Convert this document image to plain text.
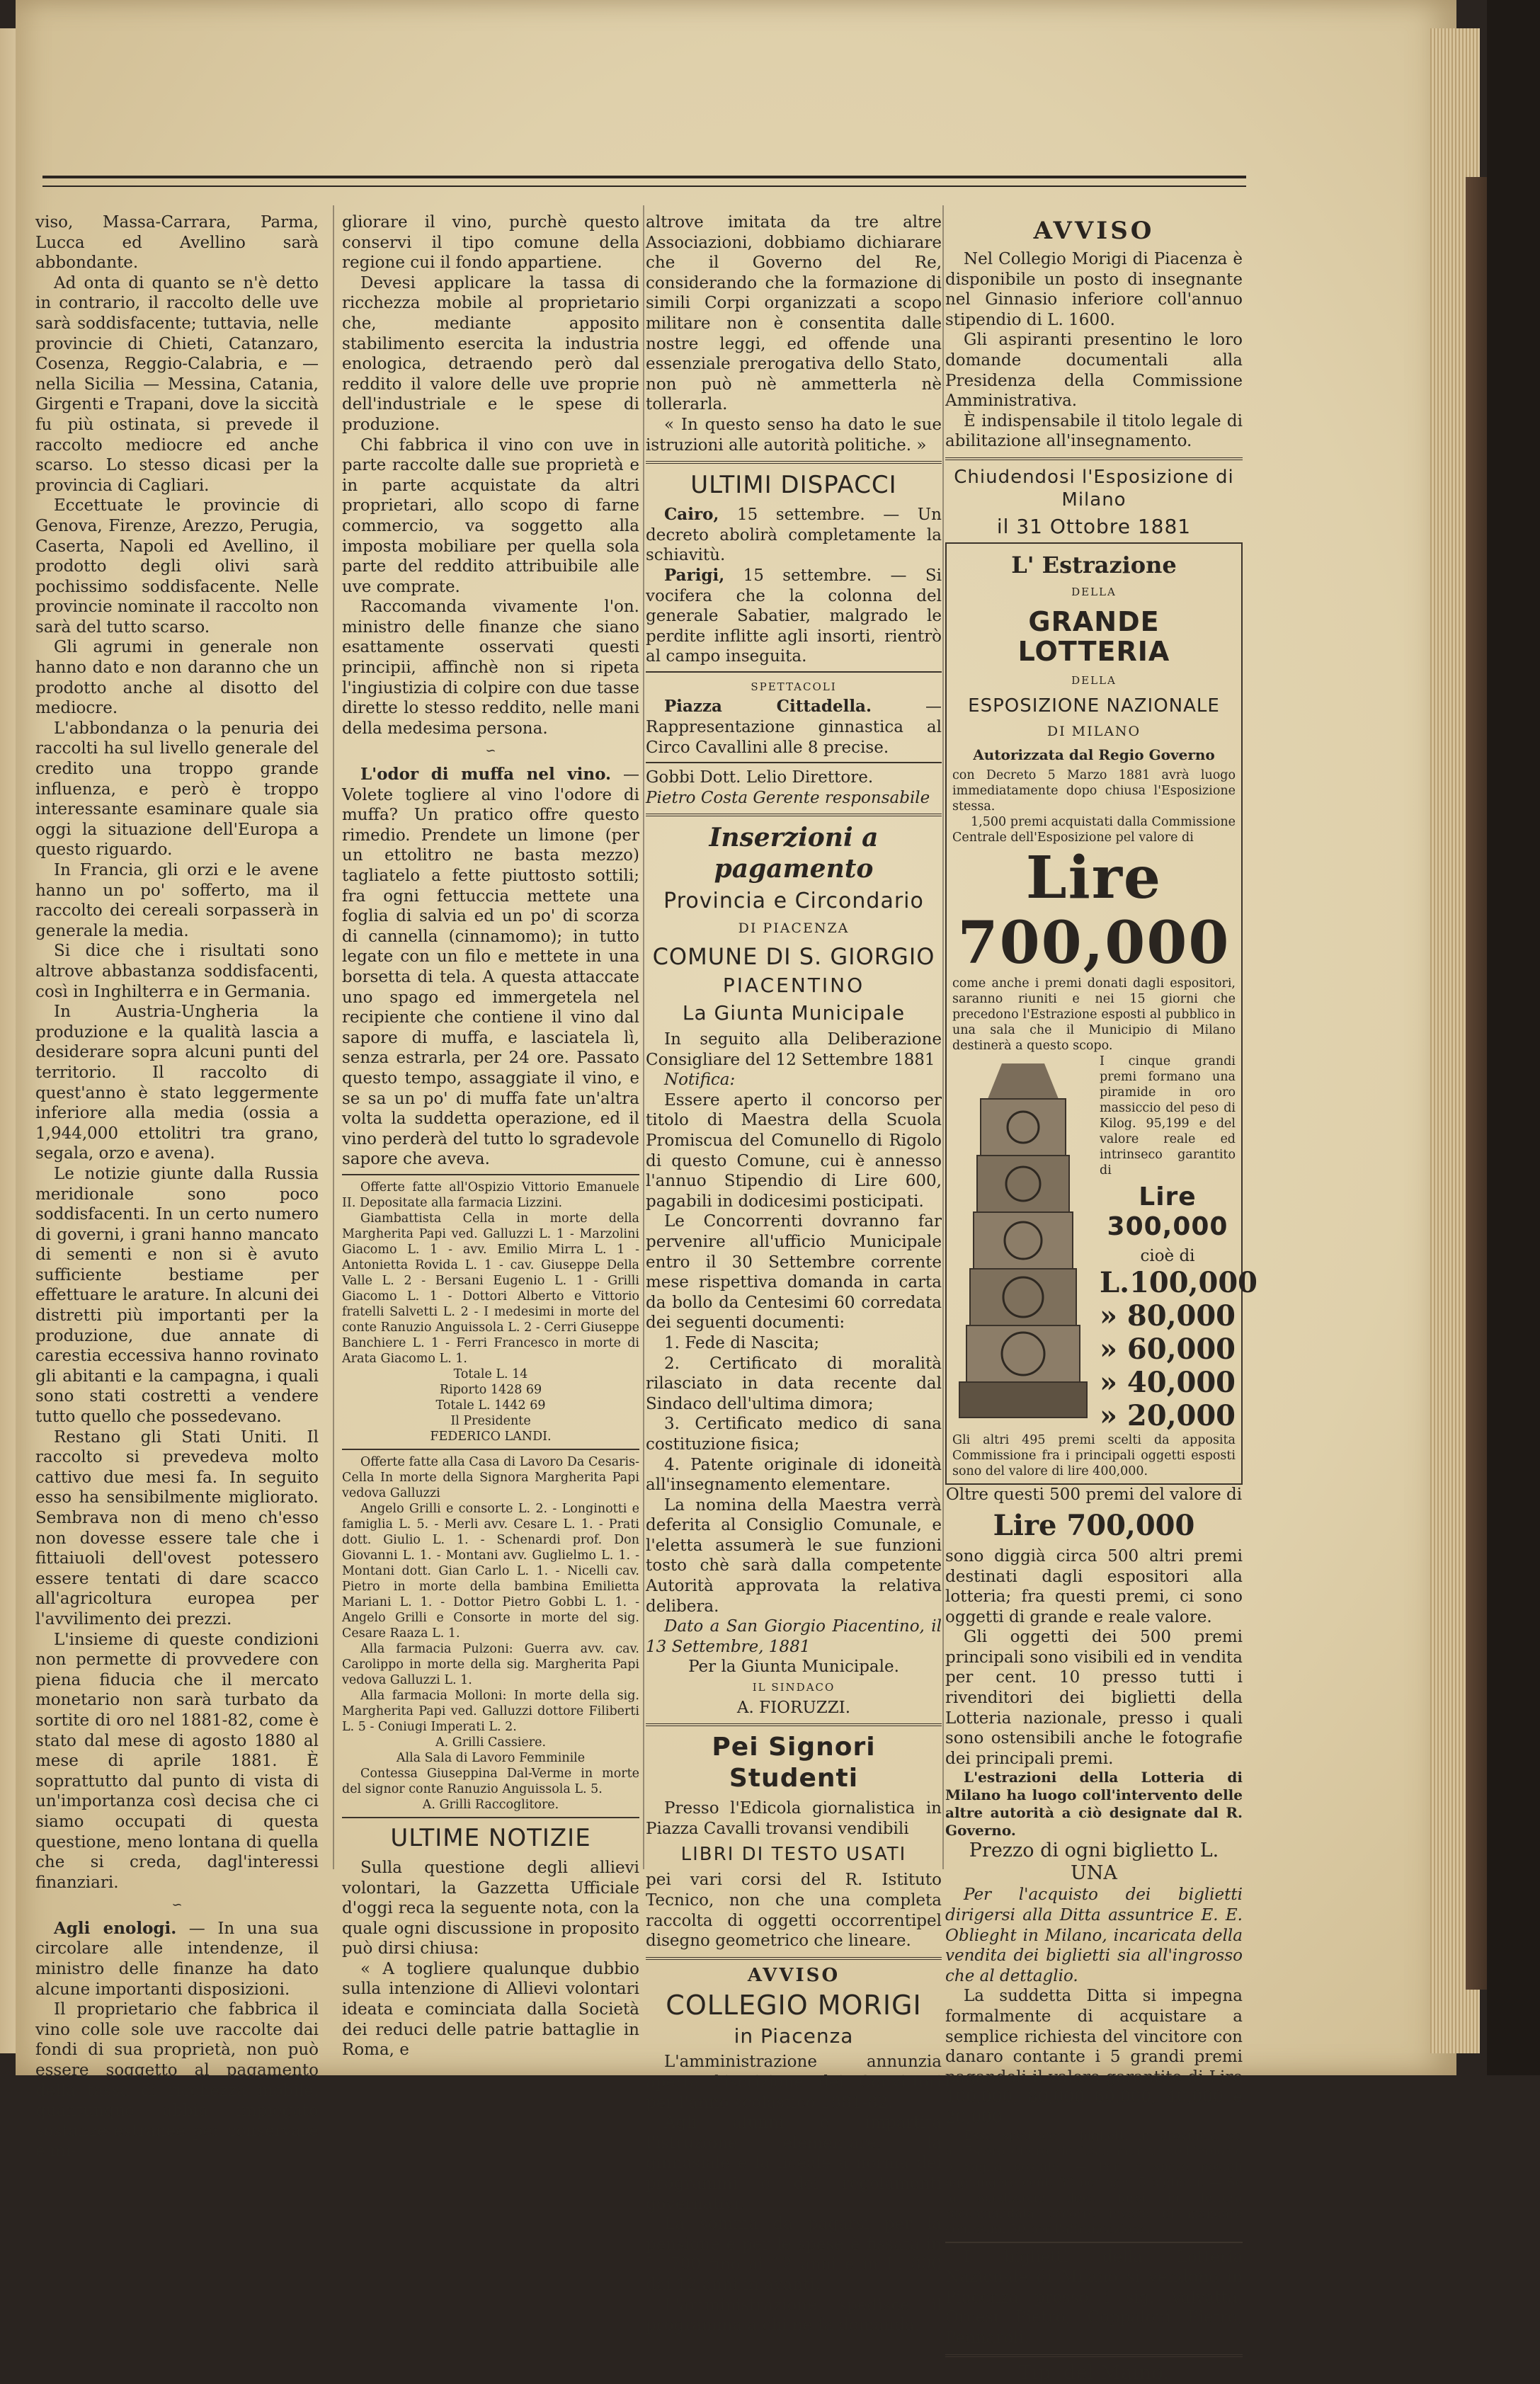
viso, Massa-Carrara, Parma, Lucca ed Avellino sarà abbondante.

Ad onta di quanto se n'è detto in contrario, il raccolto delle uve sarà soddisfacente; tuttavia, nelle provincie di Chieti, Catanzaro, Cosenza, Reggio-Calabria, e — nella Sicilia — Messina, Catania, Girgenti e Trapani, dove la siccità fu più ostinata, si prevede il raccolto mediocre ed anche scarso. Lo stesso dicasi per la provincia di Cagliari.

Eccettuate le provincie di Genova, Firenze, Arezzo, Perugia, Caserta, Napoli ed Avellino, il prodotto degli olivi sarà pochissimo soddisfacente. Nelle provincie nominate il raccolto non sarà del tutto scarso.

Gli agrumi in generale non hanno dato e non daranno che un prodotto anche al disotto del mediocre.

L'abbondanza o la penuria dei raccolti ha sul livello generale del credito una troppo grande influenza, e però è troppo interessante esaminare quale sia oggi la situazione dell'Europa a questo riguardo.

In Francia, gli orzi e le avene hanno un po' sofferto, ma il raccolto dei cereali sorpasserà in generale la media.

Si dice che i risultati sono altrove abbastanza soddisfacenti, così in Inghilterra e in Germania.

In Austria-Ungheria la produzione e la qualità lascia a desiderare sopra alcuni punti del territorio. Il raccolto di quest'anno è stato leggermente inferiore alla media (ossia a 1,944,000 ettolitri tra grano, segala, orzo e avena).

Le notizie giunte dalla Russia meridionale sono poco soddisfacenti. In un certo numero di governi, i grani hanno mancato di sementi e non si è avuto sufficiente bestiame per effettuare le arature. In alcuni dei distretti più importanti per la produzione, due annate di carestia eccessiva hanno rovinato gli abitanti e la campagna, i quali sono stati costretti a vendere tutto quello che possedevano.

Restano gli Stati Uniti. Il raccolto si prevedeva molto cattivo due mesi fa. In seguito esso ha sensibilmente migliorato. Sembrava non di meno ch'esso non dovesse essere tale che i fittaiuoli dell'ovest potessero essere tentati di dare scacco all'agricoltura europea per l'avvilimento dei prezzi.

L'insieme di queste condizioni non permette di provvedere con piena fiducia che il mercato monetario non sarà turbato da sortite di oro nel 1881-82, come è stato dal mese di agosto 1880 al mese di aprile 1881. È soprattutto dal punto di vista di un'importanza così decisa che ci siamo occupati di questa questione, meno lontana di quella che si creda, dagl'interessi finanziari.

∽

Agli enologi. — In una sua circolare alle intendenze, il ministro delle finanze ha dato alcune importanti disposizioni.

Il proprietario che fabbrica il vino colle sole uve raccolte dai fondi di sua proprietà, non può essere soggetto al pagamento della tassa di ricchezza mobile, quantunque abbia impiegato sostanze estranee per conservare e mi-

gliorare il vino, purchè questo conservi il tipo comune della regione cui il fondo appartiene.

Devesi applicare la tassa di ricchezza mobile al proprietario che, mediante apposito stabilimento esercita la industria enologica, detraendo però dal reddito il valore delle uve proprie dell'industriale e le spese di produzione.

Chi fabbrica il vino con uve in parte raccolte dalle sue proprietà e in parte acquistate da altri proprietari, allo scopo di farne commercio, va soggetto alla imposta mobiliare per quella sola parte del reddito attribuibile alle uve comprate.

Raccomanda vivamente l'on. ministro delle finanze che siano esattamente osservati questi principii, affinchè non si ripeta l'ingiustizia di colpire con due tasse dirette lo stesso reddito, nelle mani della medesima persona.

∽

L'odor di muffa nel vino. — Volete togliere al vino l'odore di muffa? Un pratico offre questo rimedio. Prendete un limone (per un ettolitro ne basta mezzo) tagliatelo a fette piuttosto sottili; fra ogni fettuccia mettete una foglia di salvia ed un po' di scorza di cannella (cinnamomo); in tutto legate con un filo e mettete in una borsetta di tela. A questa attaccate uno spago ed immergetela nel recipiente che contiene il vino dal sapore di muffa, e lasciatela lì, senza estrarla, per 24 ore. Passato questo tempo, assaggiate il vino, e se sa un po' di muffa fate un'altra volta la suddetta operazione, ed il vino perderà del tutto lo sgradevole sapore che aveva.

Offerte fatte all'Ospizio Vittorio Emanuele II. Depositate alla farmacia Lizzini.

Giambattista Cella in morte della Margherita Papi ved. Galluzzi L. 1 - Marzolini Giacomo L. 1 - avv. Emilio Mirra L. 1 - Antonietta Rovida L. 1 - cav. Giuseppe Della Valle L. 2 - Bersani Eugenio L. 1 - Grilli Giacomo L. 1 - Dottori Alberto e Vittorio fratelli Salvetti L. 2 - I medesimi in morte del conte Ranuzio Anguissola L. 2 - Cerri Giuseppe Banchiere L. 1 - Ferri Francesco in morte di Arata Giacomo L. 1.

Totale L. 14

Riporto 1428 69

Totale L. 1442 69

Il Presidente

FEDERICO LANDI.

Offerte fatte alla Casa di Lavoro Da Cesaris-Cella In morte della Signora Margherita Papi vedova Galluzzi

Angelo Grilli e consorte L. 2. - Longinotti e famiglia L. 5. - Merli avv. Cesare L. 1. - Prati dott. Giulio L. 1. - Schenardi prof. Don Giovanni L. 1. - Montani avv. Guglielmo L. 1. - Montani dott. Gian Carlo L. 1. - Nicelli cav. Pietro in morte della bambina Emilietta Mariani L. 1. - Dottor Pietro Gobbi L. 1. - Angelo Grilli e Consorte in morte del sig. Cesare Raaza L. 1.

Alla farmacia Pulzoni: Guerra avv. cav. Carolippo in morte della sig. Margherita Papi vedova Galluzzi L. 1.

Alla farmacia Molloni: In morte della sig. Margherita Papi ved. Galluzzi dottore Filiberti L. 5 - Coniugi Imperati L. 2.

A. Grilli Cassiere.

Alla Sala di Lavoro Femminile

Contessa Giuseppina Dal-Verme in morte del signor conte Ranuzio Anguissola L. 5.

A. Grilli Raccoglitore.

ULTIME NOTIZIE

Sulla questione degli allievi volontari, la Gazzetta Ufficiale d'oggi reca la seguente nota, con la quale ogni discussione in proposito può dirsi chiusa:

« A togliere qualunque dubbio sulla intenzione di Allievi volontari ideata e cominciata dalla Società dei reduci delle patrie battaglie in Roma, e

altrove imitata da tre altre Associazioni, dobbiamo dichiarare che il Governo del Re, considerando che la formazione di simili Corpi organizzati a scopo militare non è consentita dalle nostre leggi, ed offende una essenziale prerogativa dello Stato, non può nè ammetterla nè tollerarla.

« In questo senso ha dato le sue istruzioni alle autorità politiche. »

ULTIMI DISPACCI

Cairo, 15 settembre. — Un decreto abolirà completamente la schiavitù.

Parigi, 15 settembre. — Si vocifera che la colonna del generale Sabatier, malgrado le perdite inflitte agli insorti, rientrò al campo inseguita.

SPETTACOLI

Piazza Cittadella. — Rappresentazione ginnastica al Circo Cavallini alle 8 precise.

Gobbi Dott. Lelio Direttore.

Pietro Costa Gerente responsabile

Inserzioni a pagamento
Provincia e Circondario
DI PIACENZA
COMUNE DI S. GIORGIO
PIACENTINO
La Giunta Municipale

In seguito alla Deliberazione Consigliare del 12 Settembre 1881

Notifica:

Essere aperto il concorso per titolo di Maestra della Scuola Promiscua del Comunello di Rigolo di questo Comune, cui è annesso l'annuo Stipendio di Lire 600, pagabili in dodicesimi posticipati.

Le Concorrenti dovranno far pervenire all'ufficio Municipale entro il 30 Settembre corrente mese rispettiva domanda in carta da bollo da Centesimi 60 corredata dei seguenti documenti:

1. Fede di Nascita;

2. Certificato di moralità rilasciato in data recente dal Sindaco dell'ultima dimora;

3. Certificato medico di sana costituzione fisica;

4. Patente originale di idoneità all'insegnamento elementare.

La nomina della Maestra verrà deferita al Consiglio Comunale, e l'eletta assumerà le sue funzioni tosto chè sarà dalla competente Autorità approvata la relativa delibera.

Dato a San Giorgio Piacentino, il 13 Settembre, 1881

Per la Giunta Municipale.

IL SINDACO

A. FIORUZZI.

Pei Signori Studenti

Presso l'Edicola giornalistica in Piazza Cavalli trovansi vendibili

LIBRI DI TESTO USATI

pei vari corsi del R. Istituto Tecnico, non che una completa raccolta di oggetti occorrentipel disegno geometrico che lineare.

AVVISO
COLLEGIO MORIGI
in Piacenza

L'amministrazione annunzia aperta l'iscrizione dei Convittori per l'anno scolastico 1881-82.

Agli alunni è impartita l'istruzione elementare, la ginnasiale e la liceale a norma dei programmi e dei regolamenti governativi.

La somma da pagarsi per la pensione e per le spese è fissata in L. 700 fino ai 12 anni e in L. 800 dai 12 anni in avanti.

L'amministrazione spedisce il programma a chi ne fa domanda.

AVVISO

Nel Collegio Morigi di Piacenza è disponibile un posto di insegnante nel Ginnasio inferiore coll'annuo stipendio di L. 1600.

Gli aspiranti presentino le loro domande documentali alla Presidenza della Commissione Amministrativa.

È indispensabile il titolo legale di abilitazione all'insegnamento.

Chiudendosi l'Esposizione di Milano
il 31 Ottobre 1881
L' Estrazione
DELLA
GRANDE LOTTERIA
DELLA
ESPOSIZIONE NAZIONALE
DI MILANO
Autorizzata dal Regio Governo

con Decreto 5 Marzo 1881 avrà luogo immediatamente dopo chiusa l'Esposizione stessa.

1,500 premi acquistati dalla Commissione Centrale dell'Esposizione pel valore di

Lire 700,000

come anche i premi donati dagli espositori, saranno riuniti e nei 15 giorni che precedono l'Estrazione esposti al pubblico in una sala che il Municipio di Milano destinerà a questo scopo.

I cinque grandi premi formano una piramide in oro massiccio del peso di Kilog. 95,199 e del valore reale ed intrinseco garantito di

Lire 300,000

cioè di

L. 100,000
» 80,000
» 60,000
» 40,000
» 20,000

Gli altri 495 premi scelti da apposita Commissione fra i principali oggetti esposti sono del valore di lire 400,000.

Oltre questi 500 premi del valore di

Lire 700,000

sono diggià circa 500 altri premi destinati dagli espositori alla lotteria; fra questi premi, ci sono oggetti di grande e reale valore.

Gli oggetti dei 500 premi principali sono visibili ed in vendita per cent. 10 presso tutti i rivenditori dei biglietti della Lotteria nazionale, presso i quali sono ostensibili anche le fotografie dei principali premi.

L'estrazioni della Lotteria di Milano ha luogo coll'intervento delle altre autorità a ciò designate dal R. Governo.

Prezzo di ogni biglietto L. UNA

Per l'acquisto dei biglietti dirigersi alla Ditta assuntrice E. E. Oblieght in Milano, incaricata della vendita dei biglietti sia all'ingrosso che al dettaglio.

La suddetta Ditta si impegna formalmente di acquistare a semplice richiesta del vincitore con danaro contante i 5 grandi premi pagandoli il valore garantito di Lire 100,000, 80,000 60,000, 40,000 e 20,000

Essa spedisce i biglietti in provincia ed all'Estero dietro richiesta munita dell'importo o vaglia postale. — Per le spese postali aggiungere cent. 30 per ogni 5 biglietti. — Se la spedizione deve farsi in lettera raccomandata occorre invece di mandare centesimi 50 per l'affrancazione.

I biglietti della Lotteria Nazionale di Milano si vendono in Piacenza presso i sig. Valvatta, Orcesi Pietro, Coppaloni Pietro, Pennaroli.

Tip. del Maino.
